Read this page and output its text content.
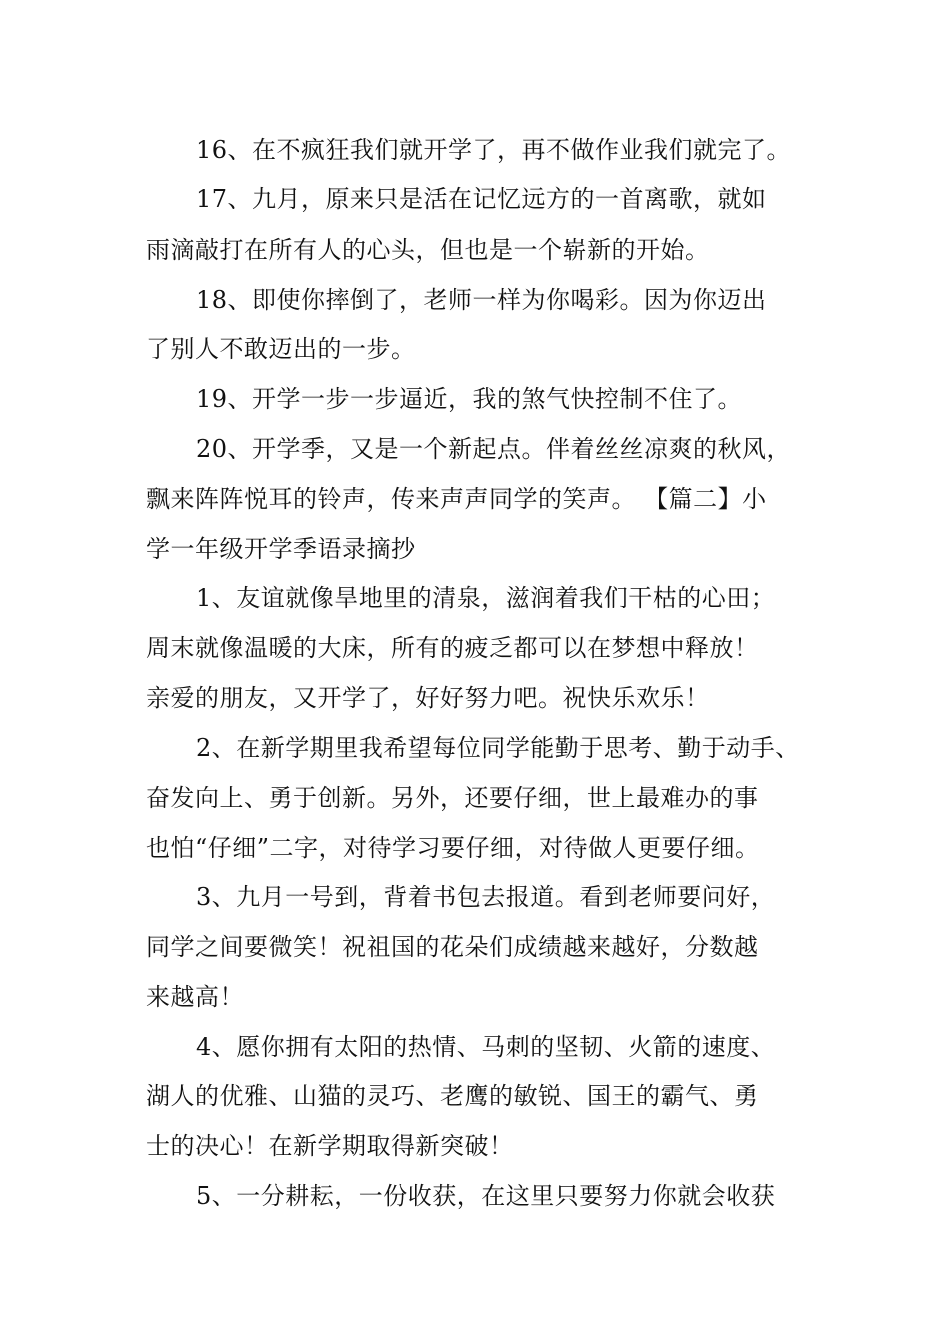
16、在不疯狂我们就开学了，再不做作业我们就完了。
17、九月，原来只是活在记忆远方的一首离歌，就如
雨滴敲打在所有人的心头，但也是一个崭新的开始。
18、即使你摔倒了，老师一样为你喝彩。因为你迈出
了别人不敢迈出的一步。
19、开学一步一步逼近，我的煞气快控制不住了。
20、开学季，又是一个新起点。伴着丝丝凉爽的秋风，
飘来阵阵悦耳的铃声，传来声声同学的笑声。 【篇二】小
学一年级开学季语录摘抄
1、友谊就像旱地里的清泉，滋润着我们干枯的心田；
周末就像温暖的大床，所有的疲乏都可以在梦想中释放！
亲爱的朋友，又开学了，好好努力吧。祝快乐欢乐！
2、在新学期里我希望每位同学能勤于思考、勤于动手、
奋发向上、勇于创新。另外，还要仔细，世上最难办的事
也怕“仔细”二字，对待学习要仔细，对待做人更要仔细。
3、九月一号到，背着书包去报道。看到老师要问好，
同学之间要微笑！祝祖国的花朵们成绩越来越好，分数越
来越高！
4、愿你拥有太阳的热情、马刺的坚韧、火箭的速度、
湖人的优雅、山猫的灵巧、老鹰的敏锐、国王的霸气、勇
士的决心！在新学期取得新突破！
5、一分耕耘，一份收获，在这里只要努力你就会收获
